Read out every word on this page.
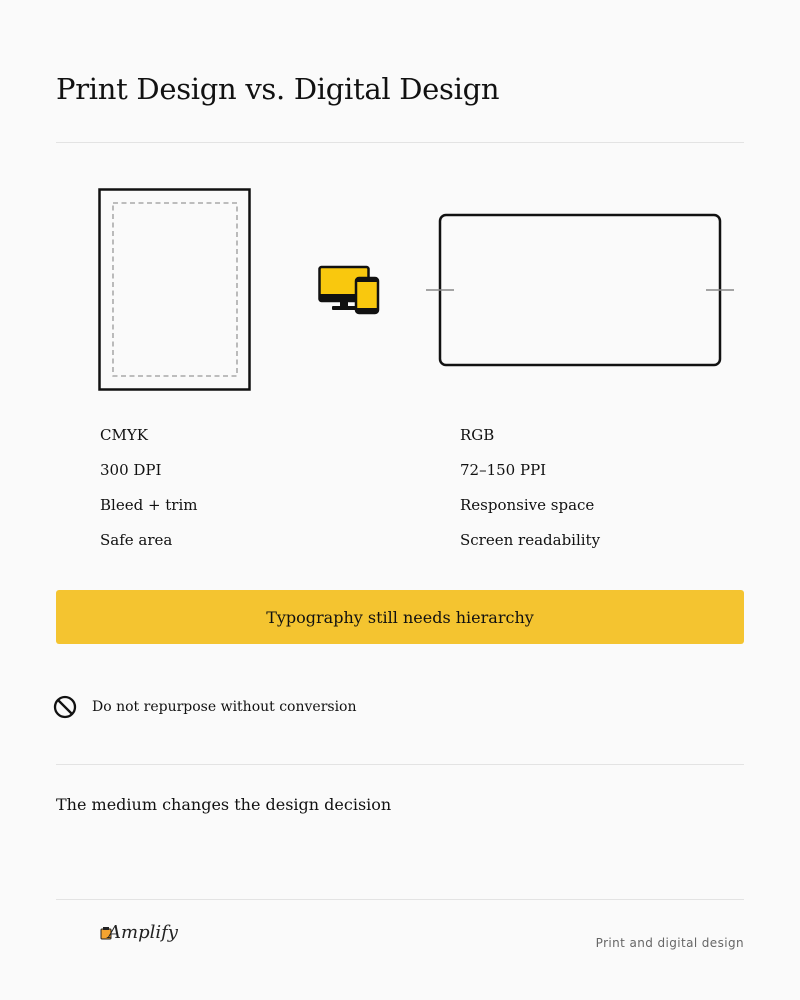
Print Design vs. Digital Design
CMYK
300 DPI
Bleed + trim
Safe area
RGB
72–150 PPI
Responsive space
Screen readability
Typography still needs hierarchy
Do not repurpose without conversion
The medium changes the design decision
Amplify	Print and digital design
